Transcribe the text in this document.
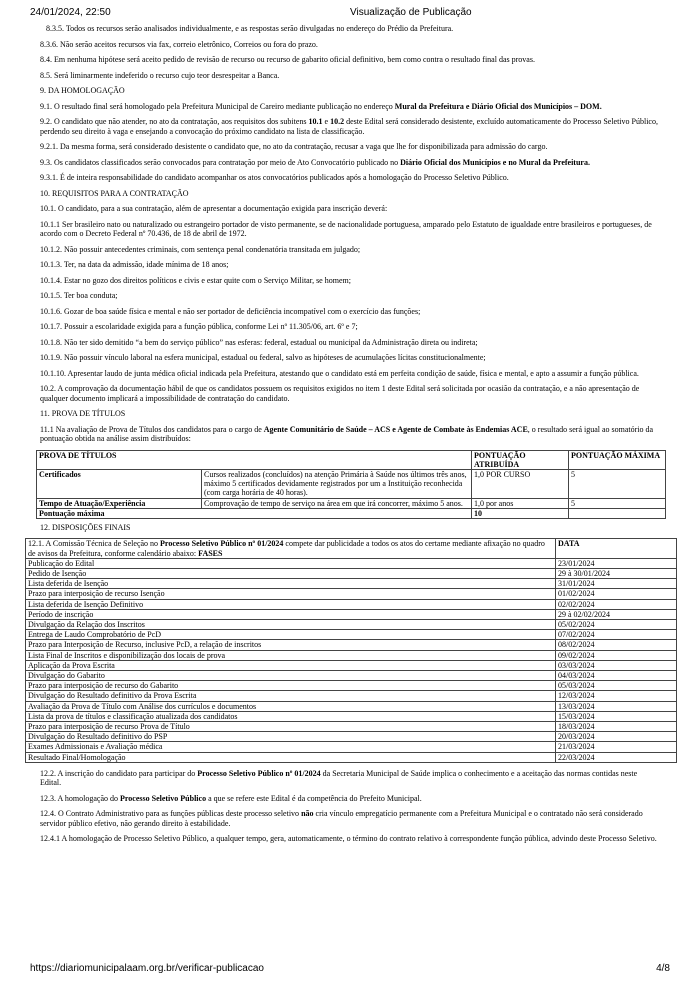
24/01/2024, 22:50	Visualização de Publicação

8.3.5. Todos os recursos serão analisados individualmente, e as respostas serão divulgadas no endereço do Prédio da Prefeitura.

8.3.6. Não serão aceitos recursos via fax, correio eletrônico, Correios ou fora do prazo.

8.4. Em nenhuma hipótese será aceito pedido de revisão de recurso ou recurso de gabarito oficial definitivo, bem como contra o resultado final das provas.

8.5. Será liminarmente indeferido o recurso cujo teor desrespeitar a Banca.

9. DA HOMOLOGAÇÃO

9.1. O resultado final será homologado pela Prefeitura Municipal de Careiro mediante publicação no endereço Mural da Prefeitura e Diário Oficial dos Municípios – DOM.

9.2. O candidato que não atender, no ato da contratação, aos requisitos dos subitens 10.1 e 10.2 deste Edital será considerado desistente, excluído automaticamente do Processo Seletivo Público, perdendo seu direito à vaga e ensejando a convocação do próximo candidato na lista de classificação.

9.2.1. Da mesma forma, será considerado desistente o candidato que, no ato da contratação, recusar a vaga que lhe for disponibilizada para admissão do cargo.

9.3. Os candidatos classificados serão convocados para contratação por meio de Ato Convocatório publicado no Diário Oficial dos Municípios e no Mural da Prefeitura.

9.3.1. É de inteira responsabilidade do candidato acompanhar os atos convocatórios publicados após a homologação do Processo Seletivo Público.

10. REQUISITOS PARA A CONTRATAÇÃO

10.1. O candidato, para a sua contratação, além de apresentar a documentação exigida para inscrição deverá:

10.1.1 Ser brasileiro nato ou naturalizado ou estrangeiro portador de visto permanente, se de nacionalidade portuguesa, amparado pelo Estatuto de igualdade entre brasileiros e portugueses, de acordo com o Decreto Federal nº 70.436, de 18 de abril de 1972.

10.1.2. Não possuir antecedentes criminais, com sentença penal condenatória transitada em julgado;

10.1.3. Ter, na data da admissão, idade mínima de 18 anos;

10.1.4. Estar no gozo dos direitos políticos e civis e estar quite com o Serviço Militar, se homem;

10.1.5. Ter boa conduta;

10.1.6. Gozar de boa saúde física e mental e não ser portador de deficiência incompatível com o exercício das funções;

10.1.7. Possuir a escolaridade exigida para a função pública, conforme Lei nº 11.305/06, art. 6º e 7;

10.1.8. Não ter sido demitido “a bem do serviço público” nas esferas: federal, estadual ou municipal da Administração direta ou indireta;

10.1.9. Não possuir vínculo laboral na esfera municipal, estadual ou federal, salvo as hipóteses de acumulações lícitas constitucionalmente;

10.1.10. Apresentar laudo de junta médica oficial indicada pela Prefeitura, atestando que o candidato está em perfeita condição de saúde, física e mental, e apto a assumir a função pública.

10.2. A comprovação da documentação hábil de que os candidatos possuem os requisitos exigidos no item 1 deste Edital será solicitada por ocasião da contratação, e a não apresentação de qualquer documento implicará a impossibilidade de contratação do candidato.

11. PROVA DE TÍTULOS

11.1 Na avaliação de Prova de Títulos dos candidatos para o cargo de Agente Comunitário de Saúde – ACS e Agente de Combate às Endemias ACE, o resultado será igual ao somatório da pontuação obtida na análise assim distribuídos:

PROVA DE TÍTULOS		PONTUAÇÃO ATRIBUÍDA	PONTUAÇÃO MÁXIMA
Certificados	Cursos realizados (concluídos) na atenção Primária à Saúde nos últimos três anos, máximo 5 certificados devidamente registrados por um a Instituição reconhecida (com carga horária de 40 horas).	1,0 POR CURSO	5
Tempo de Atuação/Experiência	Comprovação de tempo de serviço na área em que irá concorrer, máximo 5 anos.	1,0 por anos	5
Pontuação máxima		10	

12. DISPOSIÇÕES FINAIS

12.1. A Comissão Técnica de Seleção no Processo Seletivo Público nº 01/2024 compete dar publicidade a todos os atos do certame mediante afixação no quadro de avisos da Prefeitura, conforme calendário abaixo: FASES	DATA
Publicação do Edital	23/01/2024
Pedido de Isenção	29 à 30/01/2024
Lista deferida de Isenção	31/01/2024
Prazo para interposição de recurso Isenção	01/02/2024
Lista deferida de Isenção Definitivo	02/02/2024
Período de inscrição	29 à 02/02/2024
Divulgação da Relação dos Inscritos	05/02/2024
Entrega de Laudo Comprobatório de PcD	07/02/2024
Prazo para Interposição de Recurso, inclusive PcD, a relação de inscritos	08/02/2024
Lista Final de Inscritos e disponibilização dos locais de prova	09/02/2024
Aplicação da Prova Escrita	03/03/2024
Divulgação do Gabarito	04/03/2024
Prazo para interposição de recurso do Gabarito	05/03/2024
Divulgação do Resultado definitivo da Prova Escrita	12/03/2024
Avaliação da Prova de Título com Análise dos currículos e documentos	13/03/2024
Lista da prova de títulos e classificação atualizada dos candidatos	15/03/2024
Prazo para interposição de recurso Prova de Título	18/03/2024
Divulgação do Resultado definitivo do PSP	20/03/2024
Exames Admissionais e Avaliação médica	21/03/2024
Resultado Final/Homologação	22/03/2024

12.2. A inscrição do candidato para participar do Processo Seletivo Público nº 01/2024 da Secretaria Municipal de Saúde implica o conhecimento e a aceitação das normas contidas neste Edital.

12.3. A homologação do Processo Seletivo Público a que se refere este Edital é da competência do Prefeito Municipal.

12.4. O Contrato Administrativo para as funções públicas deste processo seletivo não cria vínculo empregatício permanente com a Prefeitura Municipal e o contratado não será considerado servidor público efetivo, não gerando direito à estabilidade.

12.4.1 A homologação de Processo Seletivo Público, a qualquer tempo, gera, automaticamente, o término do contrato relativo à correspondente função pública, advindo deste Processo Seletivo.

https://diariomunicipalaam.org.br/verificar-publicacao	4/8
